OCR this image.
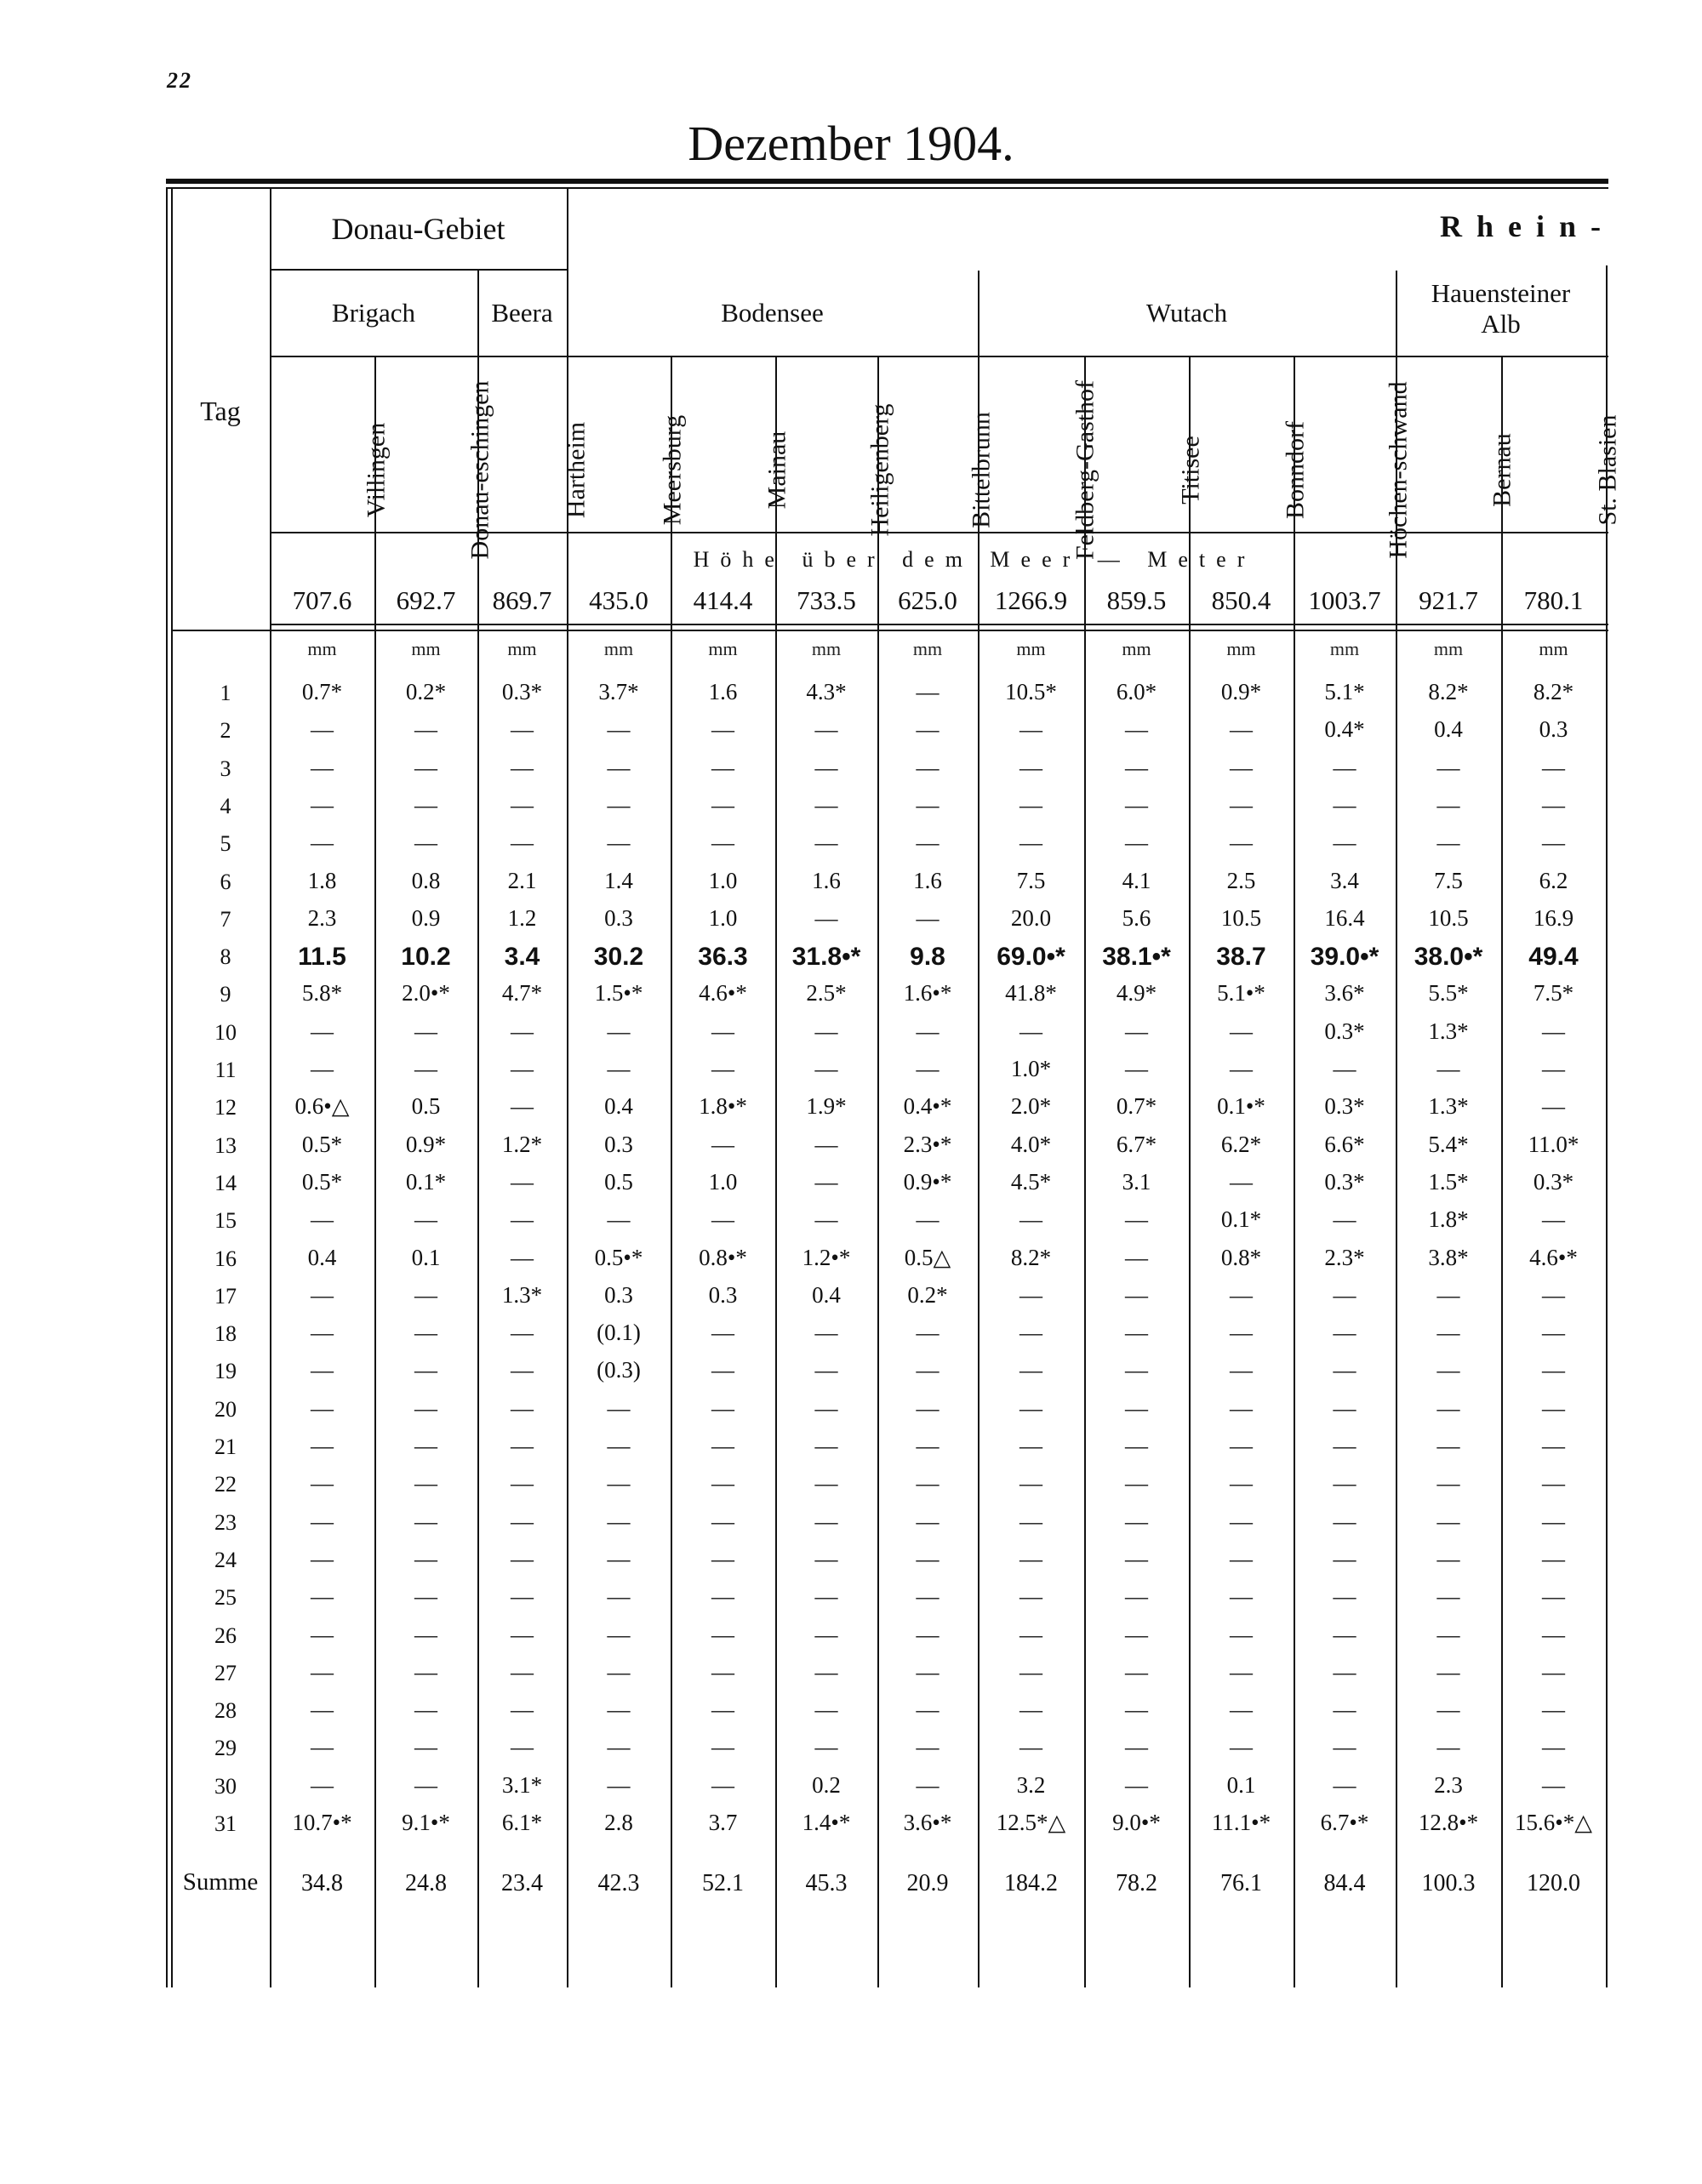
22
Dezember 1904.
Donau-Gebiet	R h e i n -
Brigach	Beera	Bodensee	Wutach
Hauensteiner Alb
Tag
Höhe über dem Meer — Meter
Villingen	Donau-eschingen	Hartheim	Meersburg	Mainau	Heiligenberg	Bittelbrunn	Feldberg-Gasthof	Titisee	Bonndorf	Höchen-schwand	Bernau	St. Blasien
707.6	692.7	869.7	435.0	414.4	733.5	625.0	1266.9	859.5	850.4	1003.7	921.7	780.1
mm	mm	mm	mm	mm	mm	mm	mm	mm	mm	mm	mm	mm
1	0.7*	0.2*	0.3*	3.7*	1.6	4.3*	—	10.5*	6.0*	0.9*	5.1*	8.2*	8.2*
2	—	—	—	—	—	—	—	—	—	—	0.4*	0.4	0.3
3	—	—	—	—	—	—	—	—	—	—	—	—	—
4	—	—	—	—	—	—	—	—	—	—	—	—	—
5	—	—	—	—	—	—	—	—	—	—	—	—	—
6	1.8	0.8	2.1	1.4	1.0	1.6	1.6	7.5	4.1	2.5	3.4	7.5	6.2
7	2.3	0.9	1.2	0.3	1.0	—	—	20.0	5.6	10.5	16.4	10.5	16.9
8	11.5	10.2	3.4	30.2	36.3	31.8•*	9.8	69.0•*	38.1•*	38.7	39.0•*	38.0•*	49.4
9	5.8*	2.0•*	4.7*	1.5•*	4.6•*	2.5*	1.6•*	41.8*	4.9*	5.1•*	3.6*	5.5*	7.5*
10	—	—	—	—	—	—	—	—	—	—	0.3*	1.3*	—
11	—	—	—	—	—	—	—	1.0*	—	—	—	—	—
12	0.6•△	0.5	—	0.4	1.8•*	1.9*	0.4•*	2.0*	0.7*	0.1•*	0.3*	1.3*	—
13	0.5*	0.9*	1.2*	0.3	—	—	2.3•*	4.0*	6.7*	6.2*	6.6*	5.4*	11.0*
14	0.5*	0.1*	—	0.5	1.0	—	0.9•*	4.5*	3.1	—	0.3*	1.5*	0.3*
15	—	—	—	—	—	—	—	—	—	0.1*	—	1.8*	—
16	0.4	0.1	—	0.5•*	0.8•*	1.2•*	0.5△	8.2*	—	0.8*	2.3*	3.8*	4.6•*
17	—	—	1.3*	0.3	0.3	0.4	0.2*	—	—	—	—	—	—
18	—	—	—	(0.1)	—	—	—	—	—	—	—	—	—
19	—	—	—	(0.3)	—	—	—	—	—	—	—	—	—
20	—	—	—	—	—	—	—	—	—	—	—	—	—
21	—	—	—	—	—	—	—	—	—	—	—	—	—
22	—	—	—	—	—	—	—	—	—	—	—	—	—
23	—	—	—	—	—	—	—	—	—	—	—	—	—
24	—	—	—	—	—	—	—	—	—	—	—	—	—
25	—	—	—	—	—	—	—	—	—	—	—	—	—
26	—	—	—	—	—	—	—	—	—	—	—	—	—
27	—	—	—	—	—	—	—	—	—	—	—	—	—
28	—	—	—	—	—	—	—	—	—	—	—	—	—
29	—	—	—	—	—	—	—	—	—	—	—	—	—
30	—	—	3.1*	—	—	0.2	—	3.2	—	0.1	—	2.3	—
31	10.7•*	9.1•*	6.1*	2.8	3.7	1.4•*	3.6•*	12.5*△	9.0•*	11.1•*	6.7•*	12.8•*	15.6•*△
Summe	34.8	24.8	23.4	42.3	52.1	45.3	20.9	184.2	78.2	76.1	84.4	100.3	120.0
